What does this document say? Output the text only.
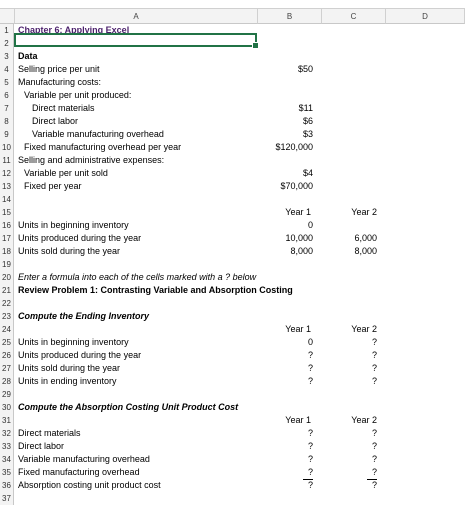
A	B	C	D
1	Chapter 6: Applying Excel
2
3	Data
4	Selling price per unit	$50
5	Manufacturing costs:
6	Variable per unit produced:
7	Direct materials	$11
8	Direct labor	$6
9	Variable manufacturing overhead	$3
10	Fixed manufacturing overhead per year	$120,000
11 Selling and administrative expenses:
12	Variable per unit sold	$4
13	Fixed per year	$70,000
14
15	Year 1	Year 2
16 Units in beginning inventory	0
17 Units produced during the year	10,000	6,000
18 Units sold during the year	8,000	8,000
19
20 Enter a formula into each of the cells marked with a ? below
21 Review Problem 1: Contrasting Variable and Absorption Costing
22
23 Compute the Ending Inventory
24	Year 1	Year 2
25 Units in beginning inventory	0	?
26 Units produced during the year	?	?
27 Units sold during the year	?	?
28 Units in ending inventory	?	?
29
30 Compute the Absorption Costing Unit Product Cost
31	Year 1	Year 2
32 Direct materials	?	?
33 Direct labor	?	?
34 Variable manufacturing overhead	?	?
35 Fixed manufacturing overhead	?	?
36 Absorption costing unit product cost	?	?
37
